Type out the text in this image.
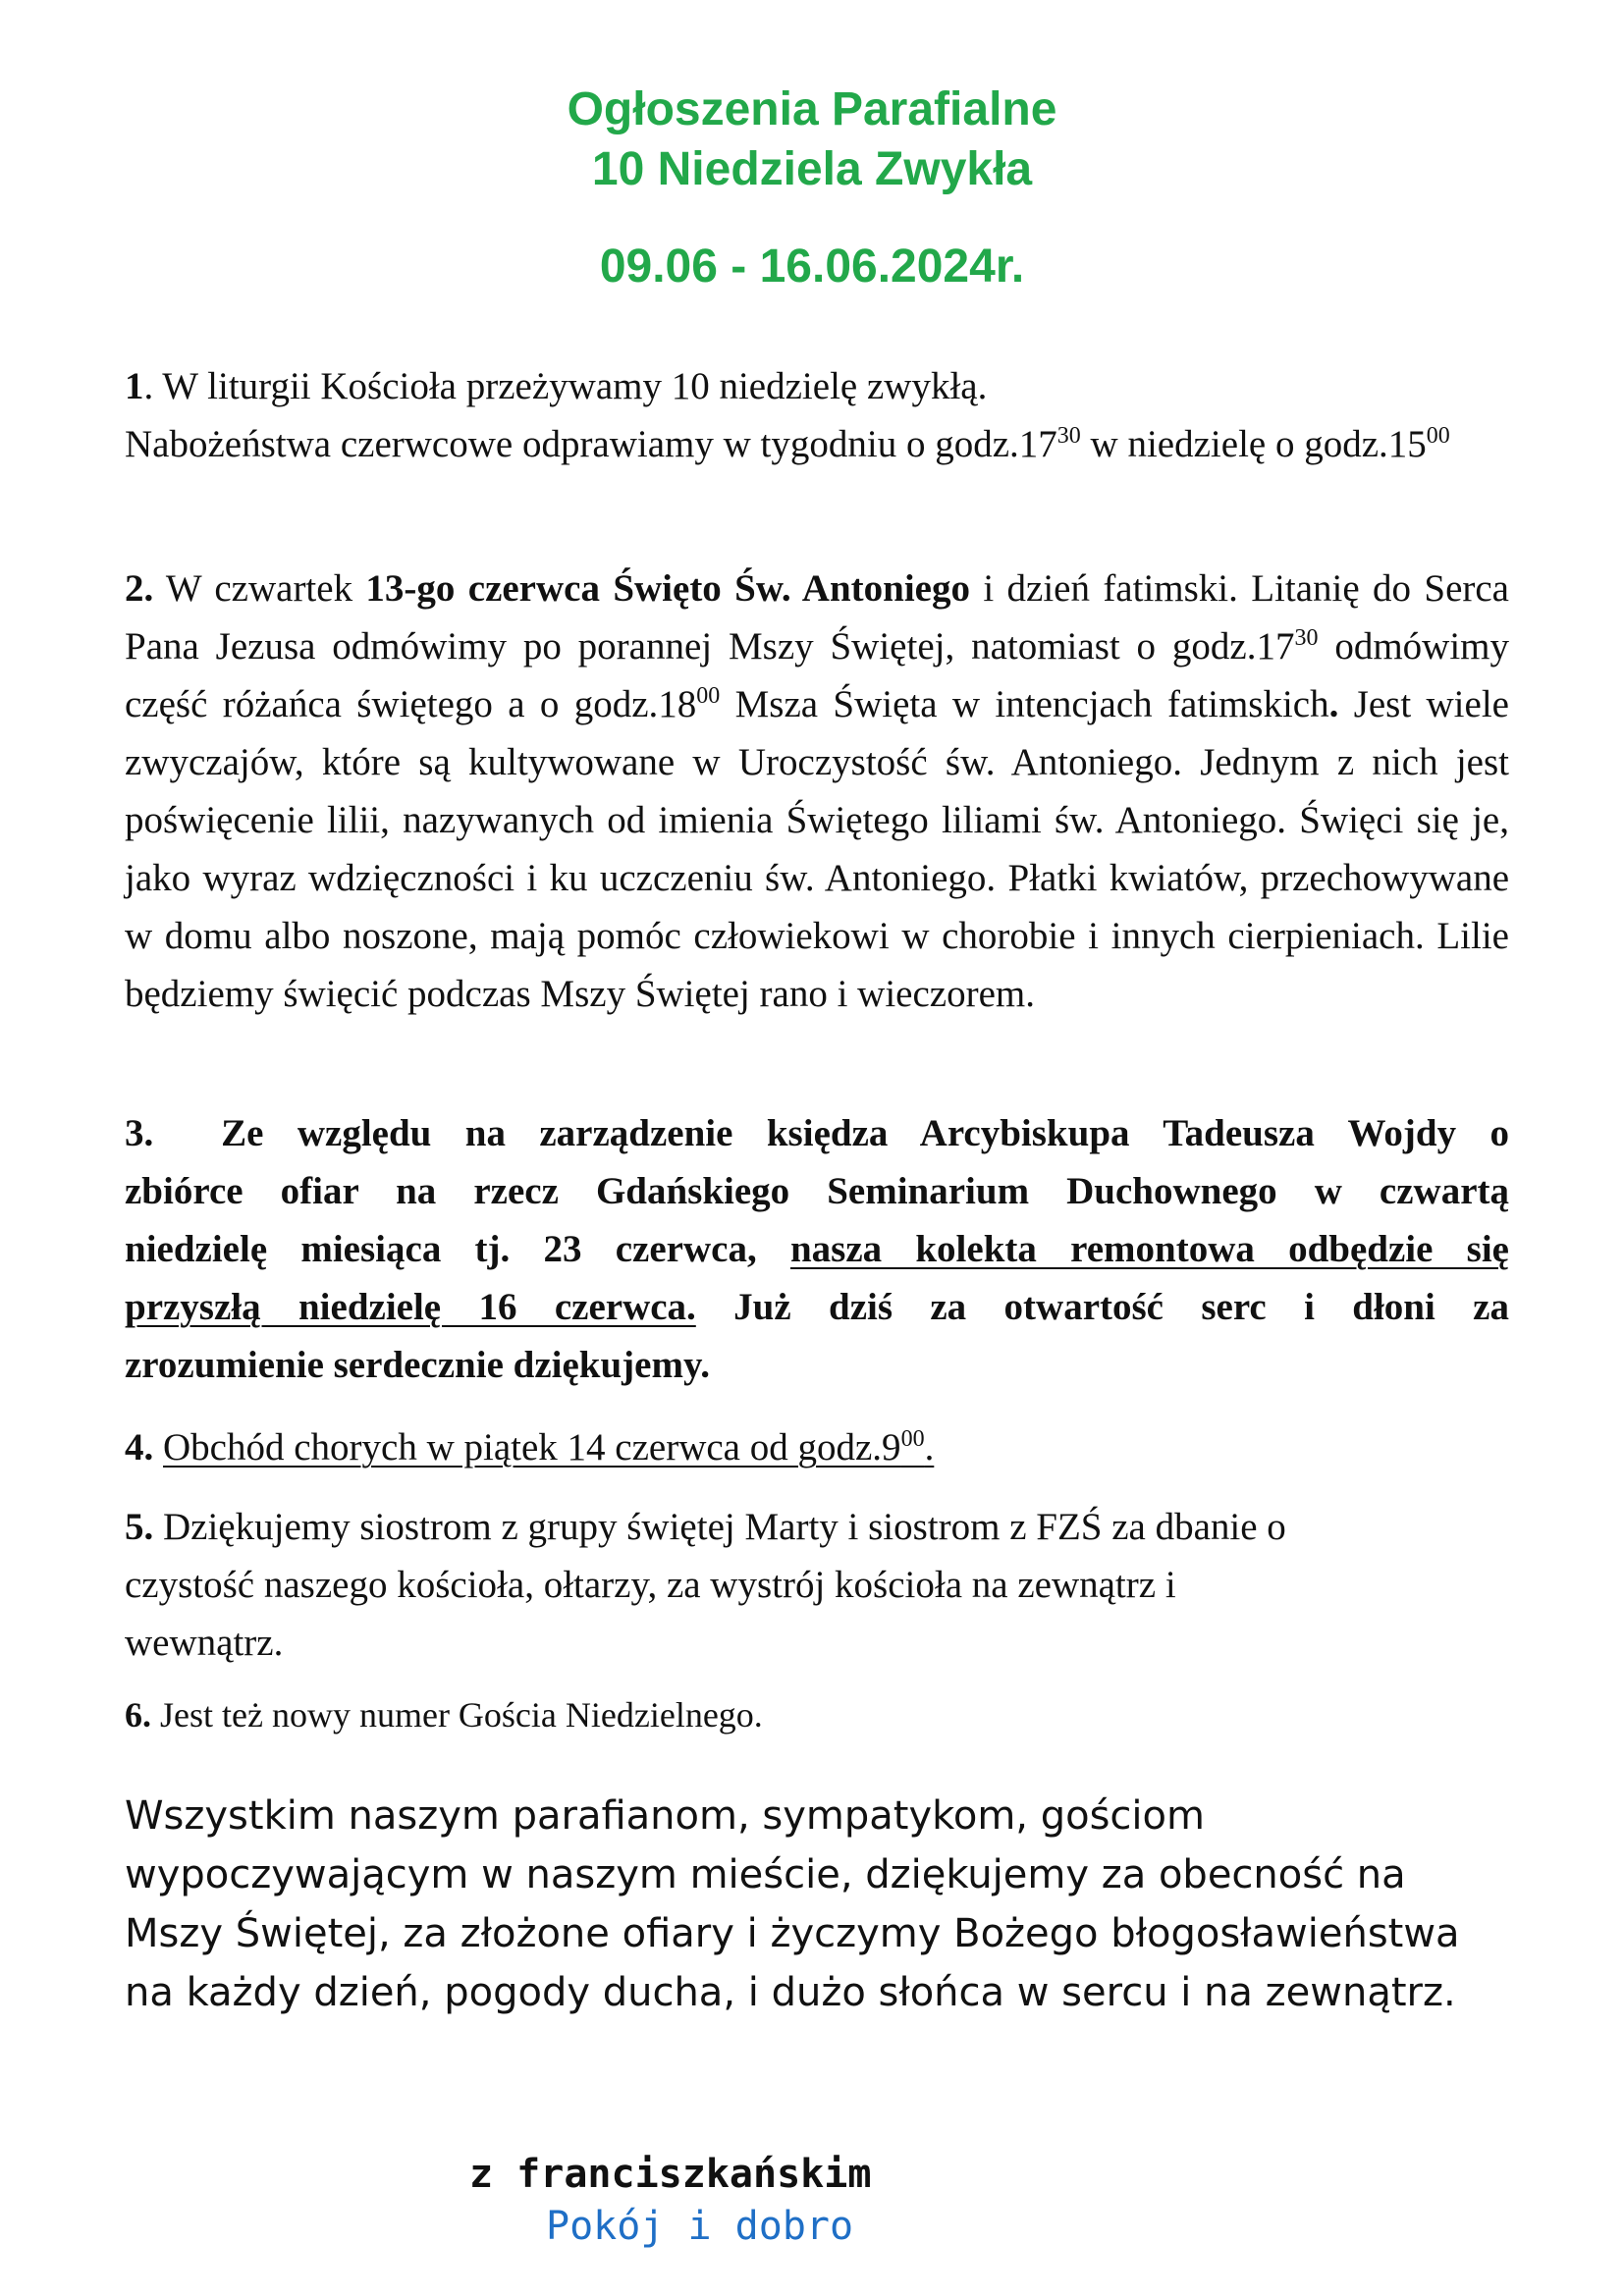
Ogłoszenia Parafialne
10 Niedziela Zwykła
09.06 - 16.06.2024r.

1. W liturgii Kościoła przeżywamy 10 niedzielę zwykłą.

Nabożeństwa czerwcowe odprawiamy w tygodniu o $godz.17^{30}$ w niedzielę o $godz.15^{00}$

2. W czwartek 13-go czerwca Święto Św. Antoniego i dzień fatimski. Litanię do Serca Pana Jezusa odmówimy po porannej Mszy Świętej, natomiast o $godz.17^{30}$ odmówimy część różańca świętego a o $godz.18^{00}$ Msza Święta w intencjach fatimskich. Jest wiele zwyczajów, które są kultywowane w Uroczystość św. Antoniego. Jednym z nich jest poświęcenie lilii, nazywanych od imienia Świętego liliami św. Antoniego. Święci się je, jako wyraz wdzięczności i ku uczczeniu św. Antoniego. Płatki kwiatów, przechowywane w domu albo noszone, mają pomóc człowiekowi w chorobie i innych cierpieniach. Lilie będziemy święcić podczas Mszy Świętej rano i wieczorem.

3. Ze względu na zarządzenie księdza Arcybiskupa Tadeusza Wojdy o

zbiórce ofiar na rzecz Gdańskiego Seminarium Duchownego w czwartą

niedzielę miesiąca tj. 23 czerwca, nasza kolekta remontowa odbędzie się

przyszłą niedzielę 16 czerwca. Już dziś za otwartość serc i dłoni za

zrozumienie serdecznie dziękujemy.

4. Obchód chorych w piątek 14 czerwca od $godz.9^{00}$.

5. Dziękujemy siostrom z grupy świętej Marty i siostrom z FZŚ za dbanie o

czystość naszego kościoła, ołtarzy, za wystrój kościoła na zewnątrz i

wewnątrz.

6. Jest też nowy numer Gościa Niedzielnego.

Wszystkim naszym parafianom, sympatykom, gościom
wypoczywającym w naszym mieście, dziękujemy za obecność na
Mszy Świętej, za złożone ofiary i życzymy Bożego błogosławieństwa
na każdy dzień, pogody ducha, i dużo słońca w sercu i na zewnątrz.
z franciszkańskim
Pokój i dobro
